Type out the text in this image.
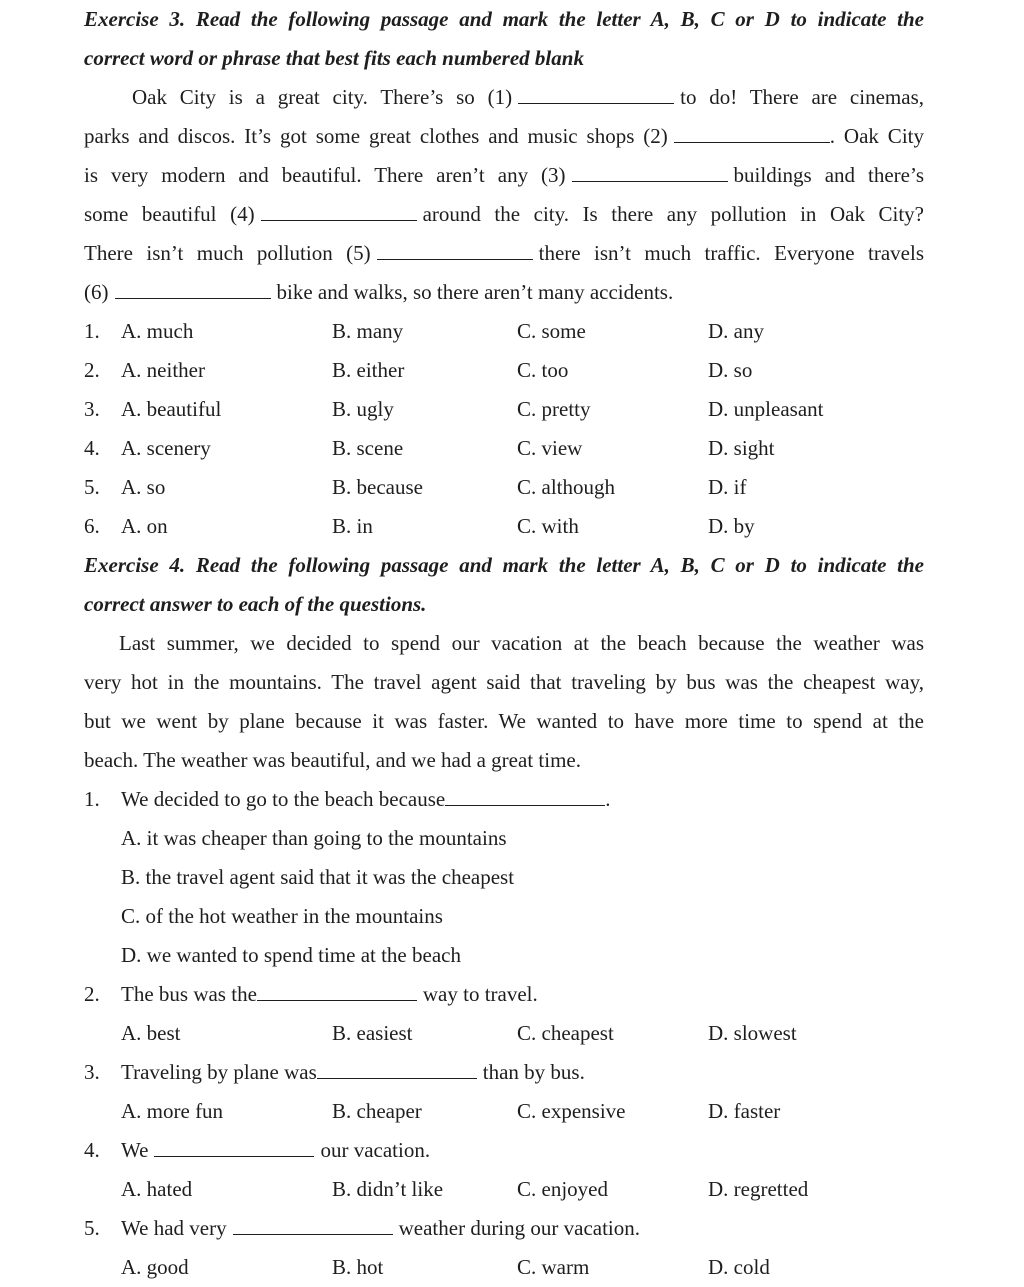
Exercise 3. Read the following passage and mark the letter A, B, C or D to indicate the
correct word or phrase that best fits each numbered blank
Oak City is a great city. There’s so (1)	to do! There are cinemas,
parks and discos. It’s got some great clothes and music shops (2)	. Oak City
is very modern and beautiful. There aren’t any (3)	buildings and there’s
some beautiful (4)	around the city. Is there any pollution in Oak City?
There isn’t much pollution (5)	there isn’t much traffic. Everyone travels
(6)	bike and walks, so there aren’t many accidents.
1. A. much	B. many	C. some	D. any
2. A. neither	B. either	C. too	D. so
3. A. beautiful	B. ugly	C. pretty	D. unpleasant
4. A. scenery	B. scene	C. view	D. sight
5. A. so	B. because	C. although	D. if
6. A. on	B. in	C. with	D. by
Exercise 4. Read the following passage and mark the letter A, B, C or D to indicate the
correct answer to each of the questions.
Last summer, we decided to spend our vacation at the beach because the weather was
very hot in the mountains. The travel agent said that traveling by bus was the cheapest way,
but we went by plane because it was faster. We wanted to have more time to spend at the
beach. The weather was beautiful, and we had a great time.
1. We decided to go to the beach because	.
A. it was cheaper than going to the mountains
B. the travel agent said that it was the cheapest
C. of the hot weather in the mountains
D. we wanted to spend time at the beach
2. The bus was the	way to travel.
A. best	B. easiest	C. cheapest	D. slowest
3. Traveling by plane was	than by bus.
A. more fun	B. cheaper	C. expensive	D. faster
4. We	our vacation.
A. hated	B. didn’t like	C. enjoyed	D. regretted
5. We had very	weather during our vacation.
A. good	B. hot	C. warm	D. cold
